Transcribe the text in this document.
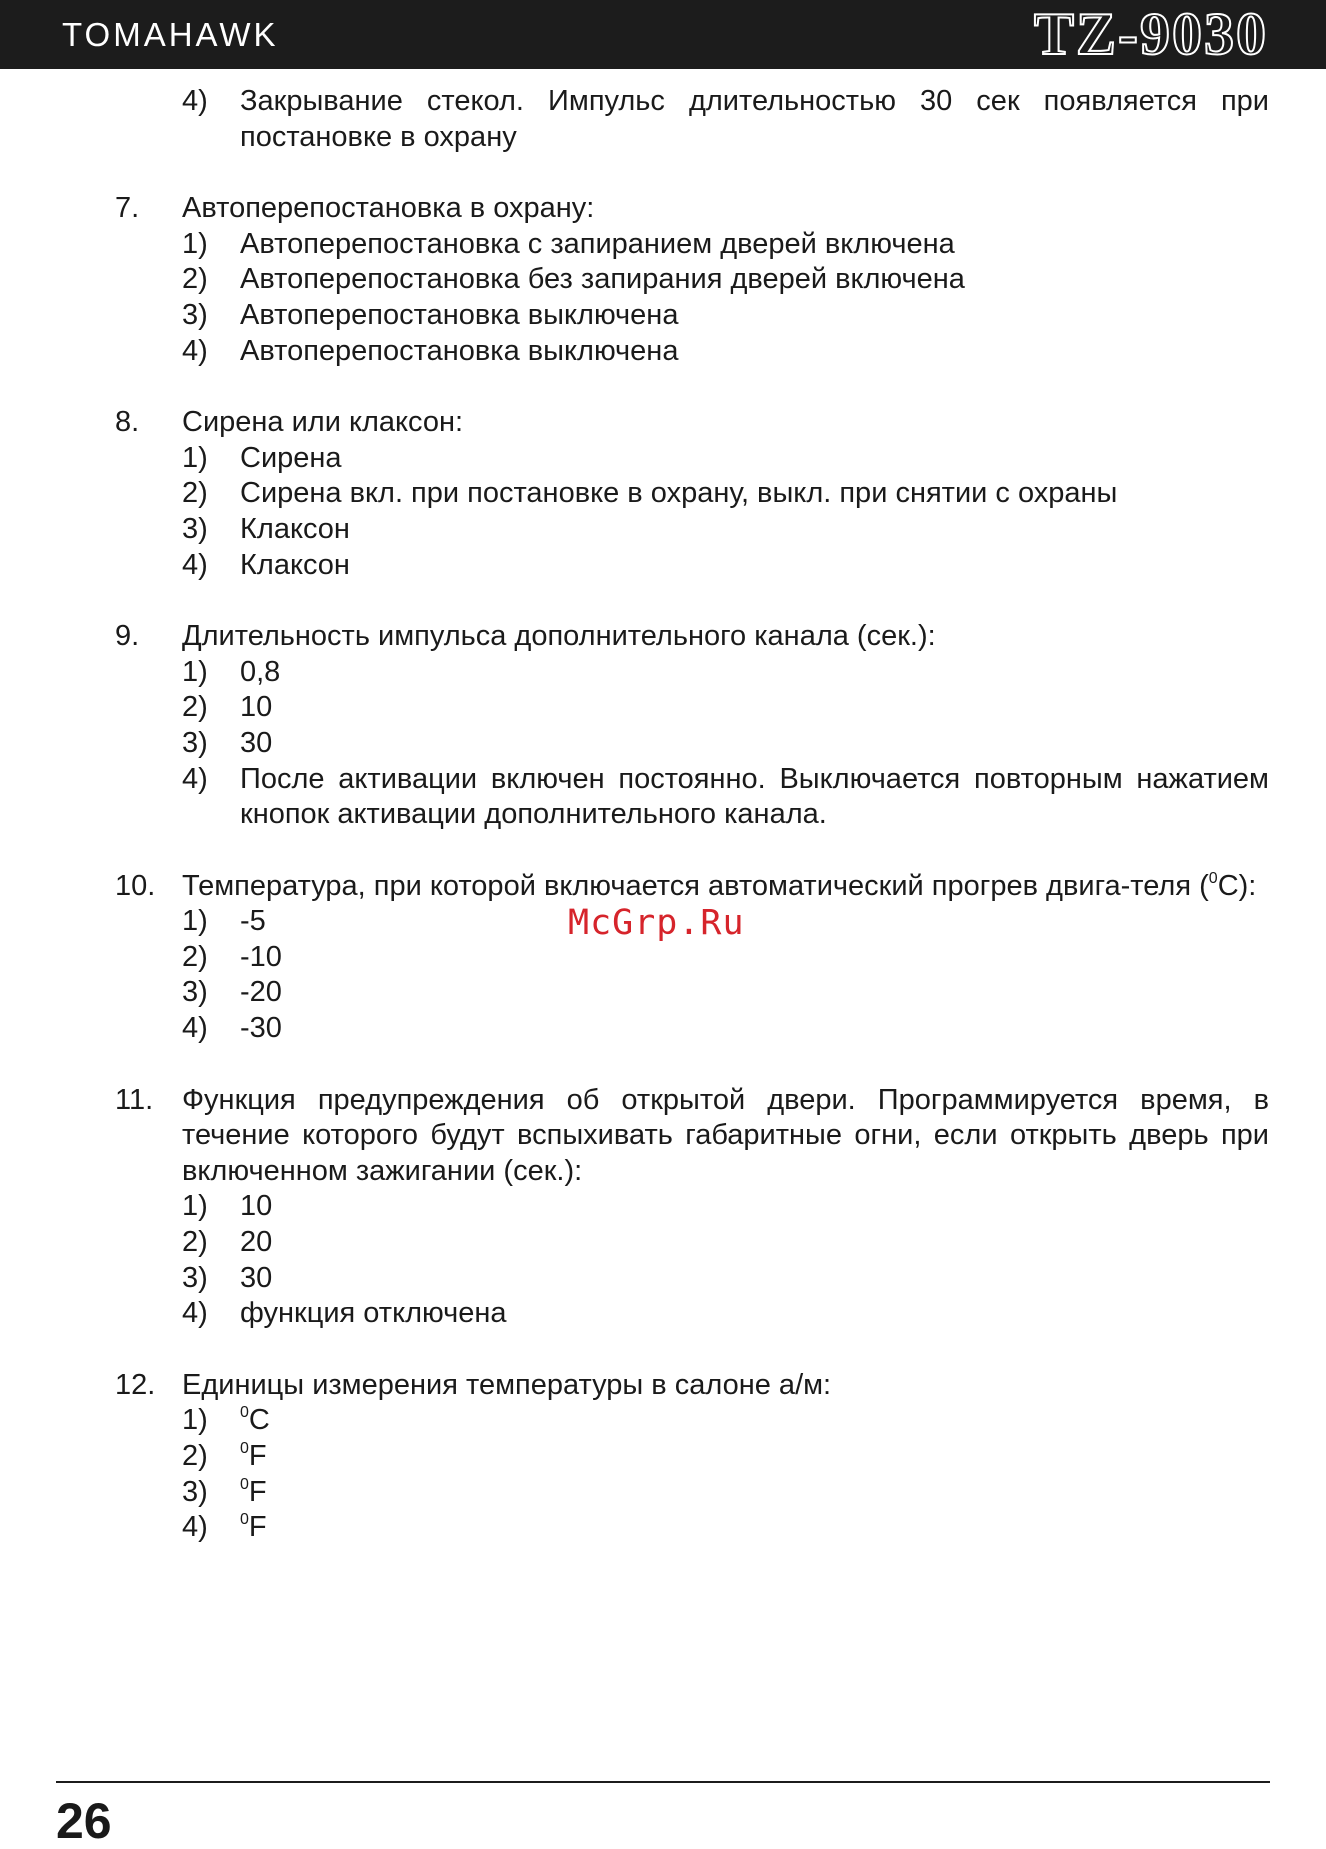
TOMAHAWK	TZ-9030
4)	Закрывание стекол. Импульс длительностью 30 сек появляется при постановке в охрану
7.	Автоперепостановка в охрану:
1)	Автоперепостановка с запиранием дверей включена
2)	Автоперепостановка без запирания дверей включена
3)	Автоперепостановка выключена
4)	Автоперепостановка выключена
8.	Сирена или клаксон:
1)	Сирена
2)	Сирена вкл. при постановке в охрану, выкл. при снятии с охраны
3)	Клаксон
4)	Клаксон
9.	Длительность импульса дополнительного канала (сек.):
1)	0,8
2)	10
3)	30
4)	После активации включен постоянно. Выключается повторным нажатием кнопок активации дополнительного канала.
10. Температура, при которой включается автоматический прогрев двига-теля ($^0$С):
1)	-5
2)	-10
3)	-20
4)	-30
11. Функция предупреждения об открытой двери. Программируется время, в течение которого будут вспыхивать габаритные огни, если открыть дверь при включенном зажигании (сек.):
1)	10
2)	20
3)	30
4)	функция отключена
12. Единицы измерения температуры в салоне а/м:
1)	$^0$C
2)	$^0$F
3)	$^0$F
4)	$^0$F
McGrp.Ru
26
